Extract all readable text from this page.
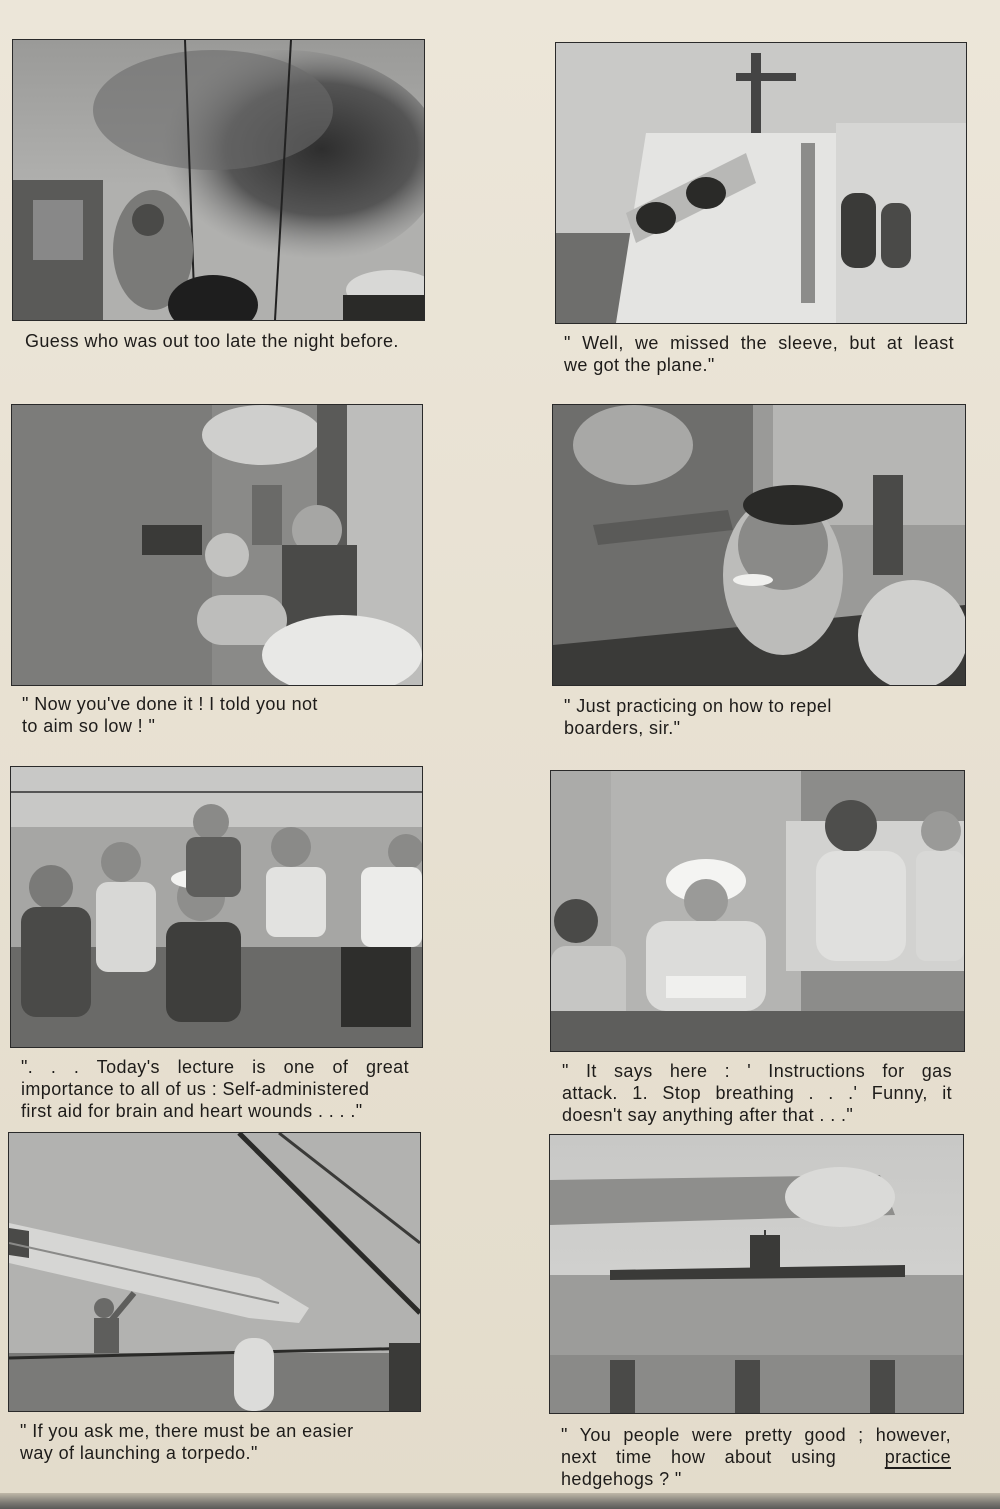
Guess who was out too late the night before.	" Well, we missed the sleeve, but at least

we got the plane."

" Now you've done it ! I told you not

to aim so low ! "

" Just practicing on how to repel

boarders, sir."

". . . Today's lecture is one of great

importance to all of us : Self-administered

first aid for brain and heart wounds . . . ."

" It says here : ' Instructions for gas

attack. 1. Stop breathing . . .' Funny, it

doesn't say anything after that . . ."

" If you ask me, there must be an easier

way of launching a torpedo."

" You people were pretty good ; however,

next time how about using	practice

hedgehogs ? "
